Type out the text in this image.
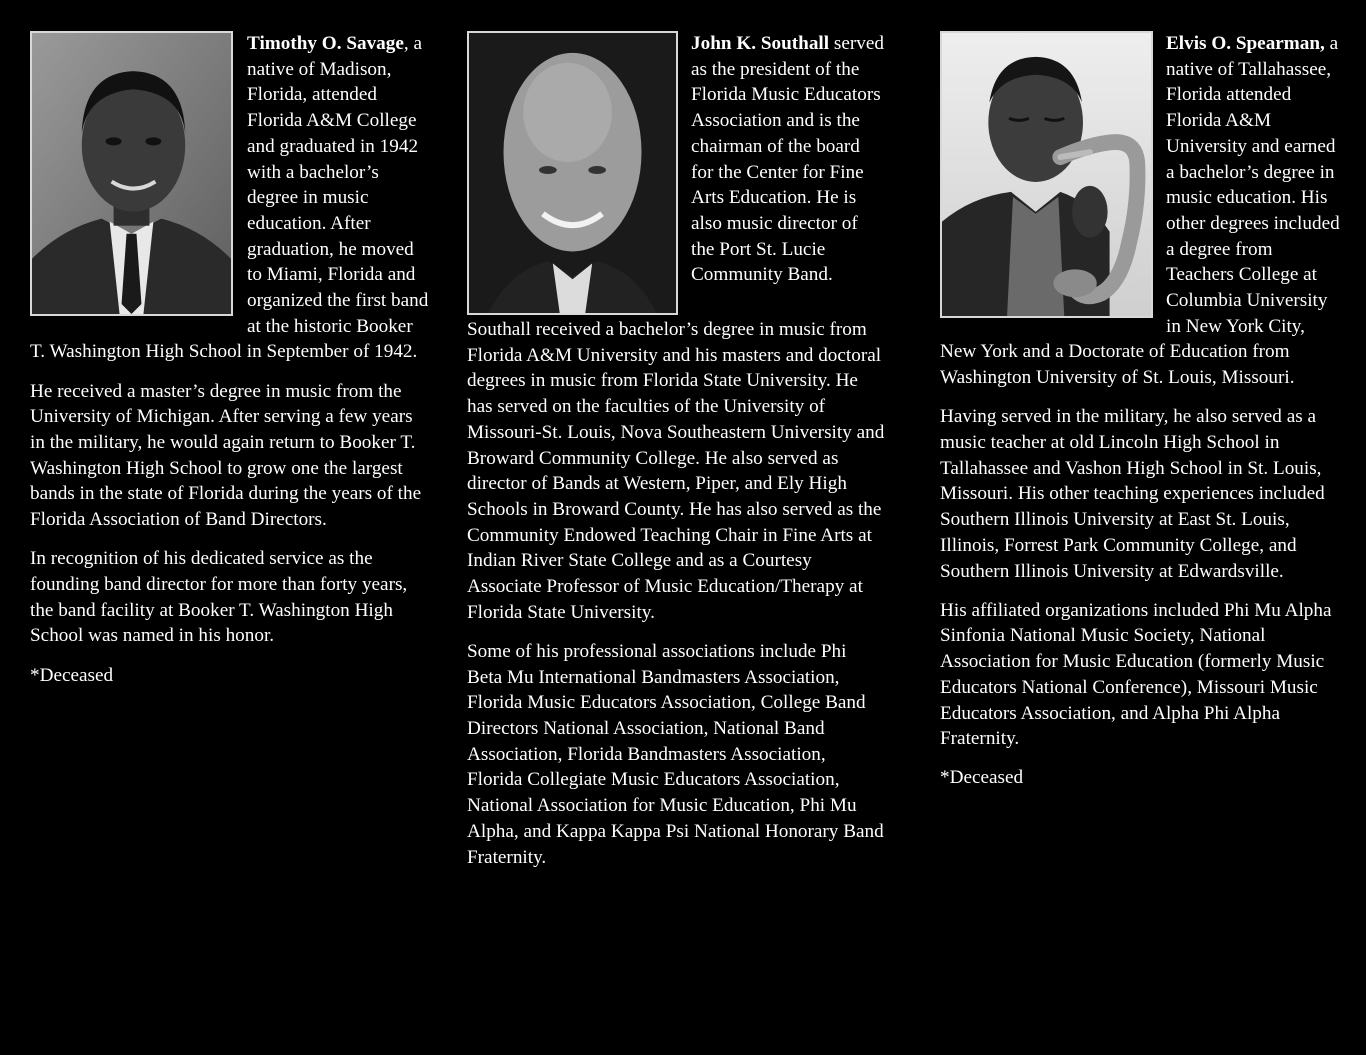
Timothy O. Savage, a native of Madison, Florida, attended Florida A&M College and graduated in 1942 with a bachelor’s degree in music education. After graduation, he moved to Miami, Florida and organized the first band at the historic Booker T. Washington High School in September of 1942.

He received a master’s degree in music from the University of Michigan. After serving a few years in the military, he would again return to Booker T. Washington High School to grow one the largest bands in the state of Florida during the years of the Florida Association of Band Directors.

In recognition of his dedicated service as the founding band director for more than forty years, the band facility at Booker T. Washington High School was named in his honor.

*Deceased

John K. Southall served as the president of the Florida Music Educators Association and is the chairman of the board for the Center for Fine Arts Education. He is also music director of the Port St. Lucie Community Band.

Southall received a bachelor’s degree in music from Florida A&M University and his masters and doctoral degrees in music from Florida State University. He has served on the faculties of the University of Missouri-St. Louis, Nova Southeastern University and Broward Community College. He also served as director of Bands at Western, Piper, and Ely High Schools in Broward County. He has also served as the Community Endowed Teaching Chair in Fine Arts at Indian River State College and as a Courtesy Associate Professor of Music Education/Therapy at Florida State University.

Some of his professional associations include Phi Beta Mu International Bandmasters Association, Florida Music Educators Association, College Band Directors National Association, National Band Association, Florida Bandmasters Association, Florida Collegiate Music Educators Association, National Association for Music Education, Phi Mu Alpha, and Kappa Kappa Psi National Honorary Band Fraternity.

Elvis O. Spearman, a native of Tallahassee, Florida attended Florida A&M University and earned a bachelor’s degree in music education. His other degrees included a degree from Teachers College at Columbia University in New York City, New York and a Doctorate of Education from Washington University of St. Louis, Missouri.

Having served in the military, he also served as a music teacher at old Lincoln High School in Tallahassee and Vashon High School in St. Louis, Missouri. His other teaching experiences included Southern Illinois University at East St. Louis, Illinois, Forrest Park Community College, and Southern Illinois University at Edwardsville.

His affiliated organizations included Phi Mu Alpha Sinfonia National Music Society, National Association for Music Education (formerly Music Educators National Conference), Missouri Music Educators Association, and Alpha Phi Alpha Fraternity.

*Deceased
